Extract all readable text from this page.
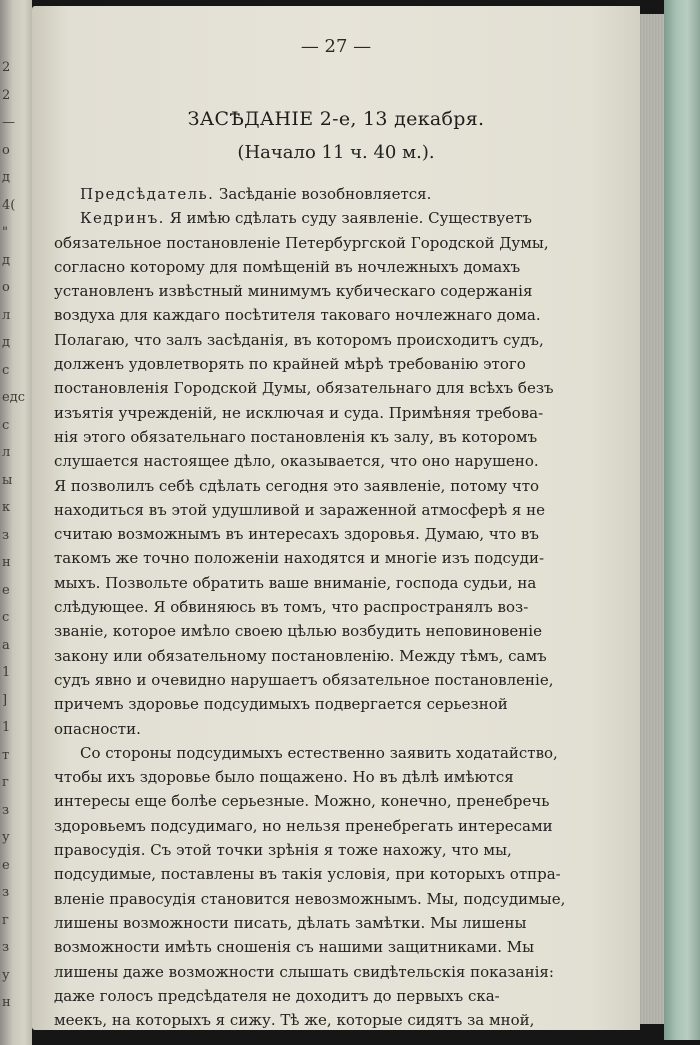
2
2
—
о
д
4(
"
д
о
л
д
с
едс
с
л
ы
к
з
н
е
с
а
1
]
1
т
г
з
у
е
з
г
з
у
н
— 27 —
ЗАСѢДАНІЕ 2-е, 13 декабря.
(Начало 11 ч. 40 м.).
Предсѣдатель. Засѣданіе возобновляется.
Кедринъ. Я имѣю сдѣлать суду заявленіе. Существуетъ
обязательное постановленіе Петербургской Городской Думы,
согласно которому для помѣщеній въ ночлежныхъ домахъ
установленъ извѣстный минимумъ кубическаго содержанія
воздуха для каждаго посѣтителя таковаго ночлежнаго дома.
Полагаю, что залъ засѣданія, въ которомъ происходитъ судъ,
долженъ удовлетворять по крайней мѣрѣ требованію этого
постановленія Городской Думы, обязательнаго для всѣхъ безъ
изъятія учрежденій, не исключая и суда. Примѣняя требова-
нія этого обязательнаго постановленія къ залу, въ которомъ
слушается настоящее дѣло, оказывается, что оно нарушено.
Я позволилъ себѣ сдѣлать сегодня это заявленіе, потому что
находиться въ этой удушливой и зараженной атмосферѣ я не
считаю возможнымъ въ интересахъ здоровья. Думаю, что въ
такомъ же точно положеніи находятся и многіе изъ подсуди-
мыхъ. Позвольте обратить ваше вниманіе, господа судьи, на
слѣдующее. Я обвиняюсь въ томъ, что распространялъ воз-
званіе, которое имѣло своею цѣлью возбудить неповиновеніе
закону или обязательному постановленію. Между тѣмъ, самъ
судъ явно и очевидно нарушаетъ обязательное постановленіе,
причемъ здоровье подсудимыхъ подвергается серьезной
опасности.
Со стороны подсудимыхъ естественно заявить ходатайство,
чтобы ихъ здоровье было пощажено. Но въ дѣлѣ имѣются
интересы еще болѣе серьезные. Можно, конечно, пренебречь
здоровьемъ подсудимаго, но нельзя пренебрегать интересами
правосудія. Съ этой точки зрѣнія я тоже нахожу, что мы,
подсудимые, поставлены въ такія условія, при которыхъ отпра-
вленіе правосудія становится невозможнымъ. Мы, подсудимые,
лишены возможности писать, дѣлать замѣтки. Мы лишены
возможности имѣть сношенія съ нашими защитниками. Мы
лишены даже возможности слышать свидѣтельскія показанія:
даже голосъ предсѣдателя не доходитъ до первыхъ ска-
меекъ, на которыхъ я сижу. Тѣ же, которые сидятъ за мной,
